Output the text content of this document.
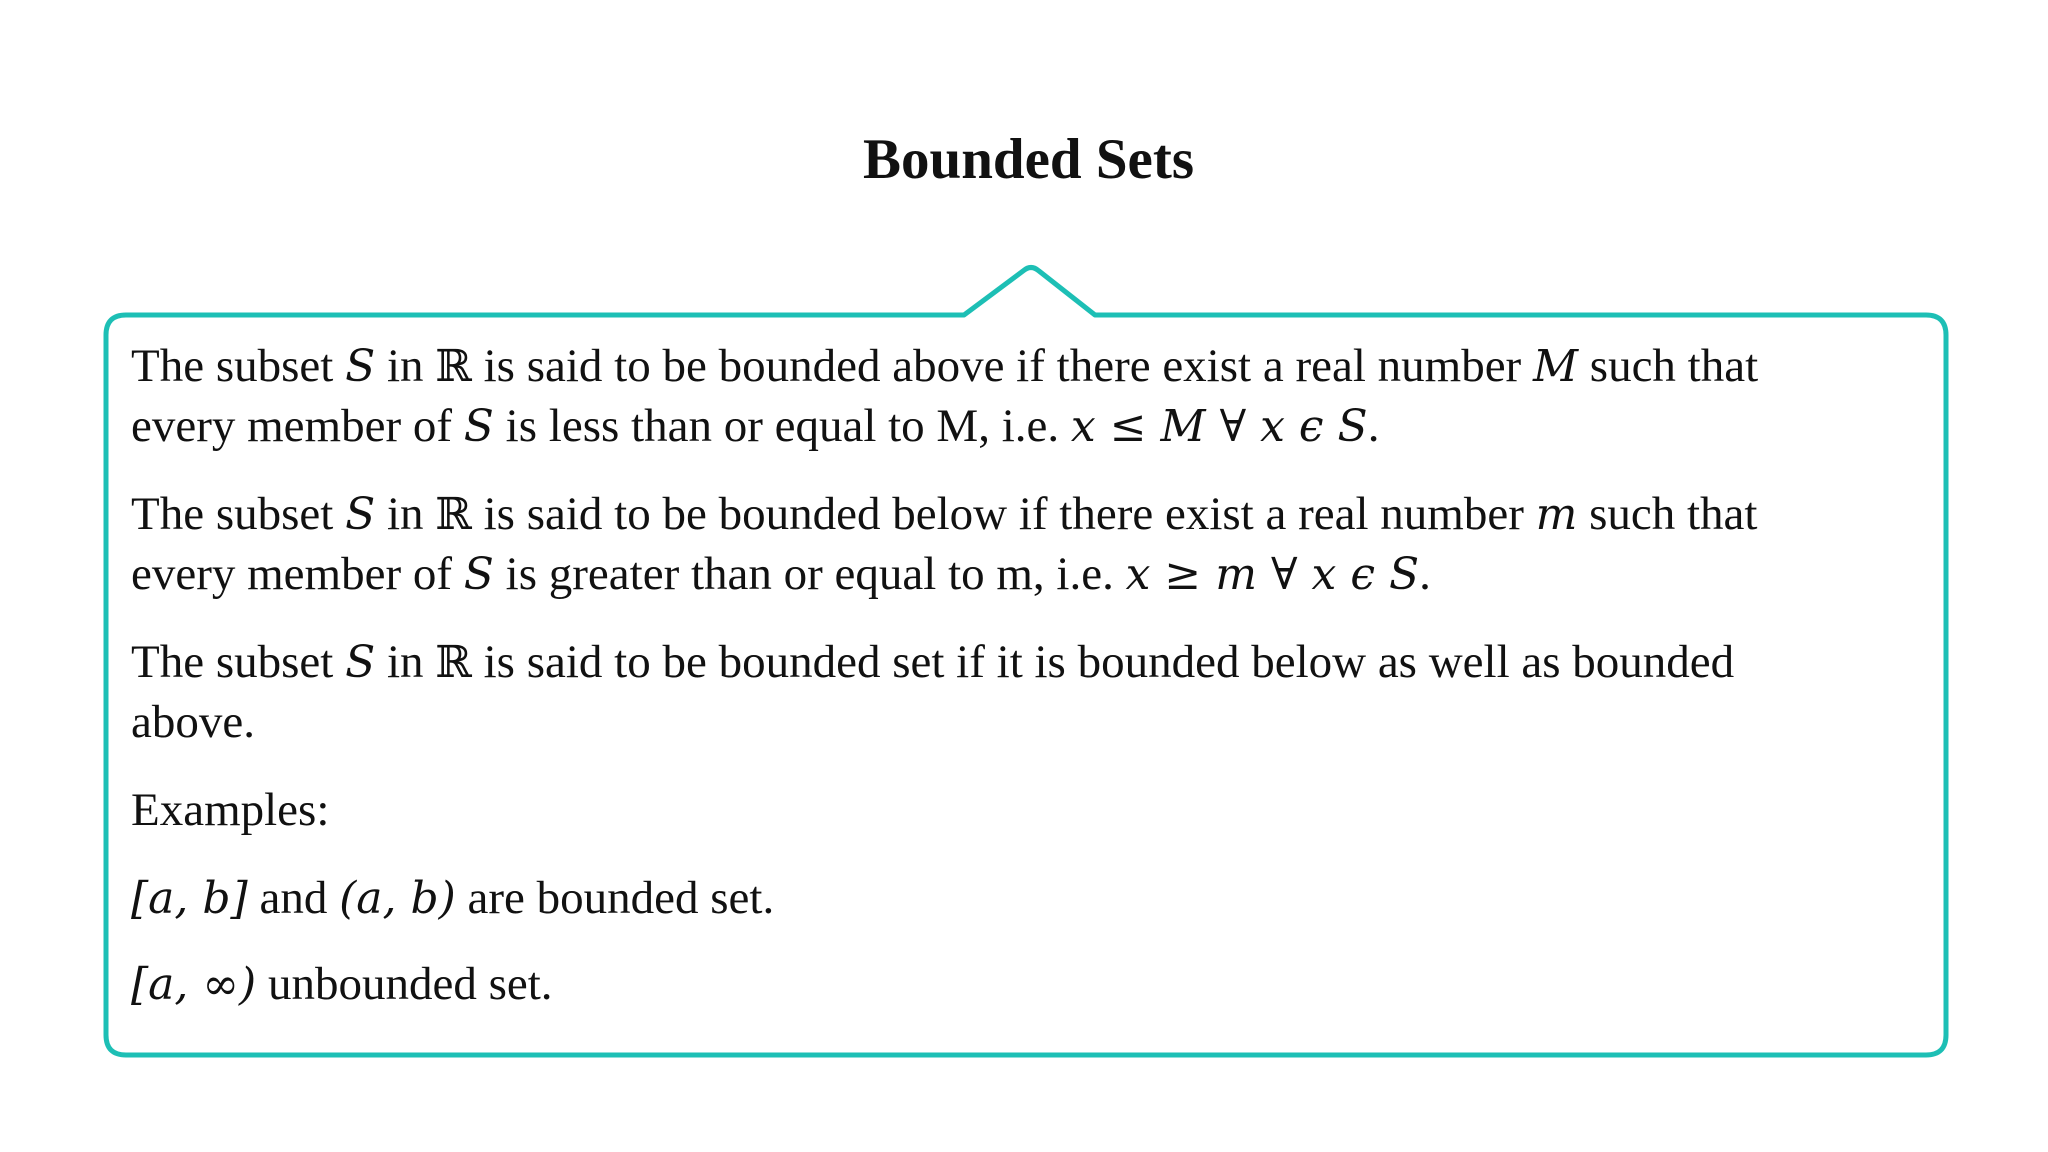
Bounded Sets

The subset S in ℝ is said to be bounded above if there exist a real number M such that
every member of S is less than or equal to M, i.e. x ≤ M ∀ x ϵ S.

The subset S in ℝ is said to be bounded below if there exist a real number m such that
every member of S is greater than or equal to m, i.e. x ≥ m ∀ x ϵ S.

The subset S in ℝ is said to be bounded set if it is bounded below as well as bounded
above.

Examples:

[a, b] and (a, b) are bounded set.

[a, ∞) unbounded set.
